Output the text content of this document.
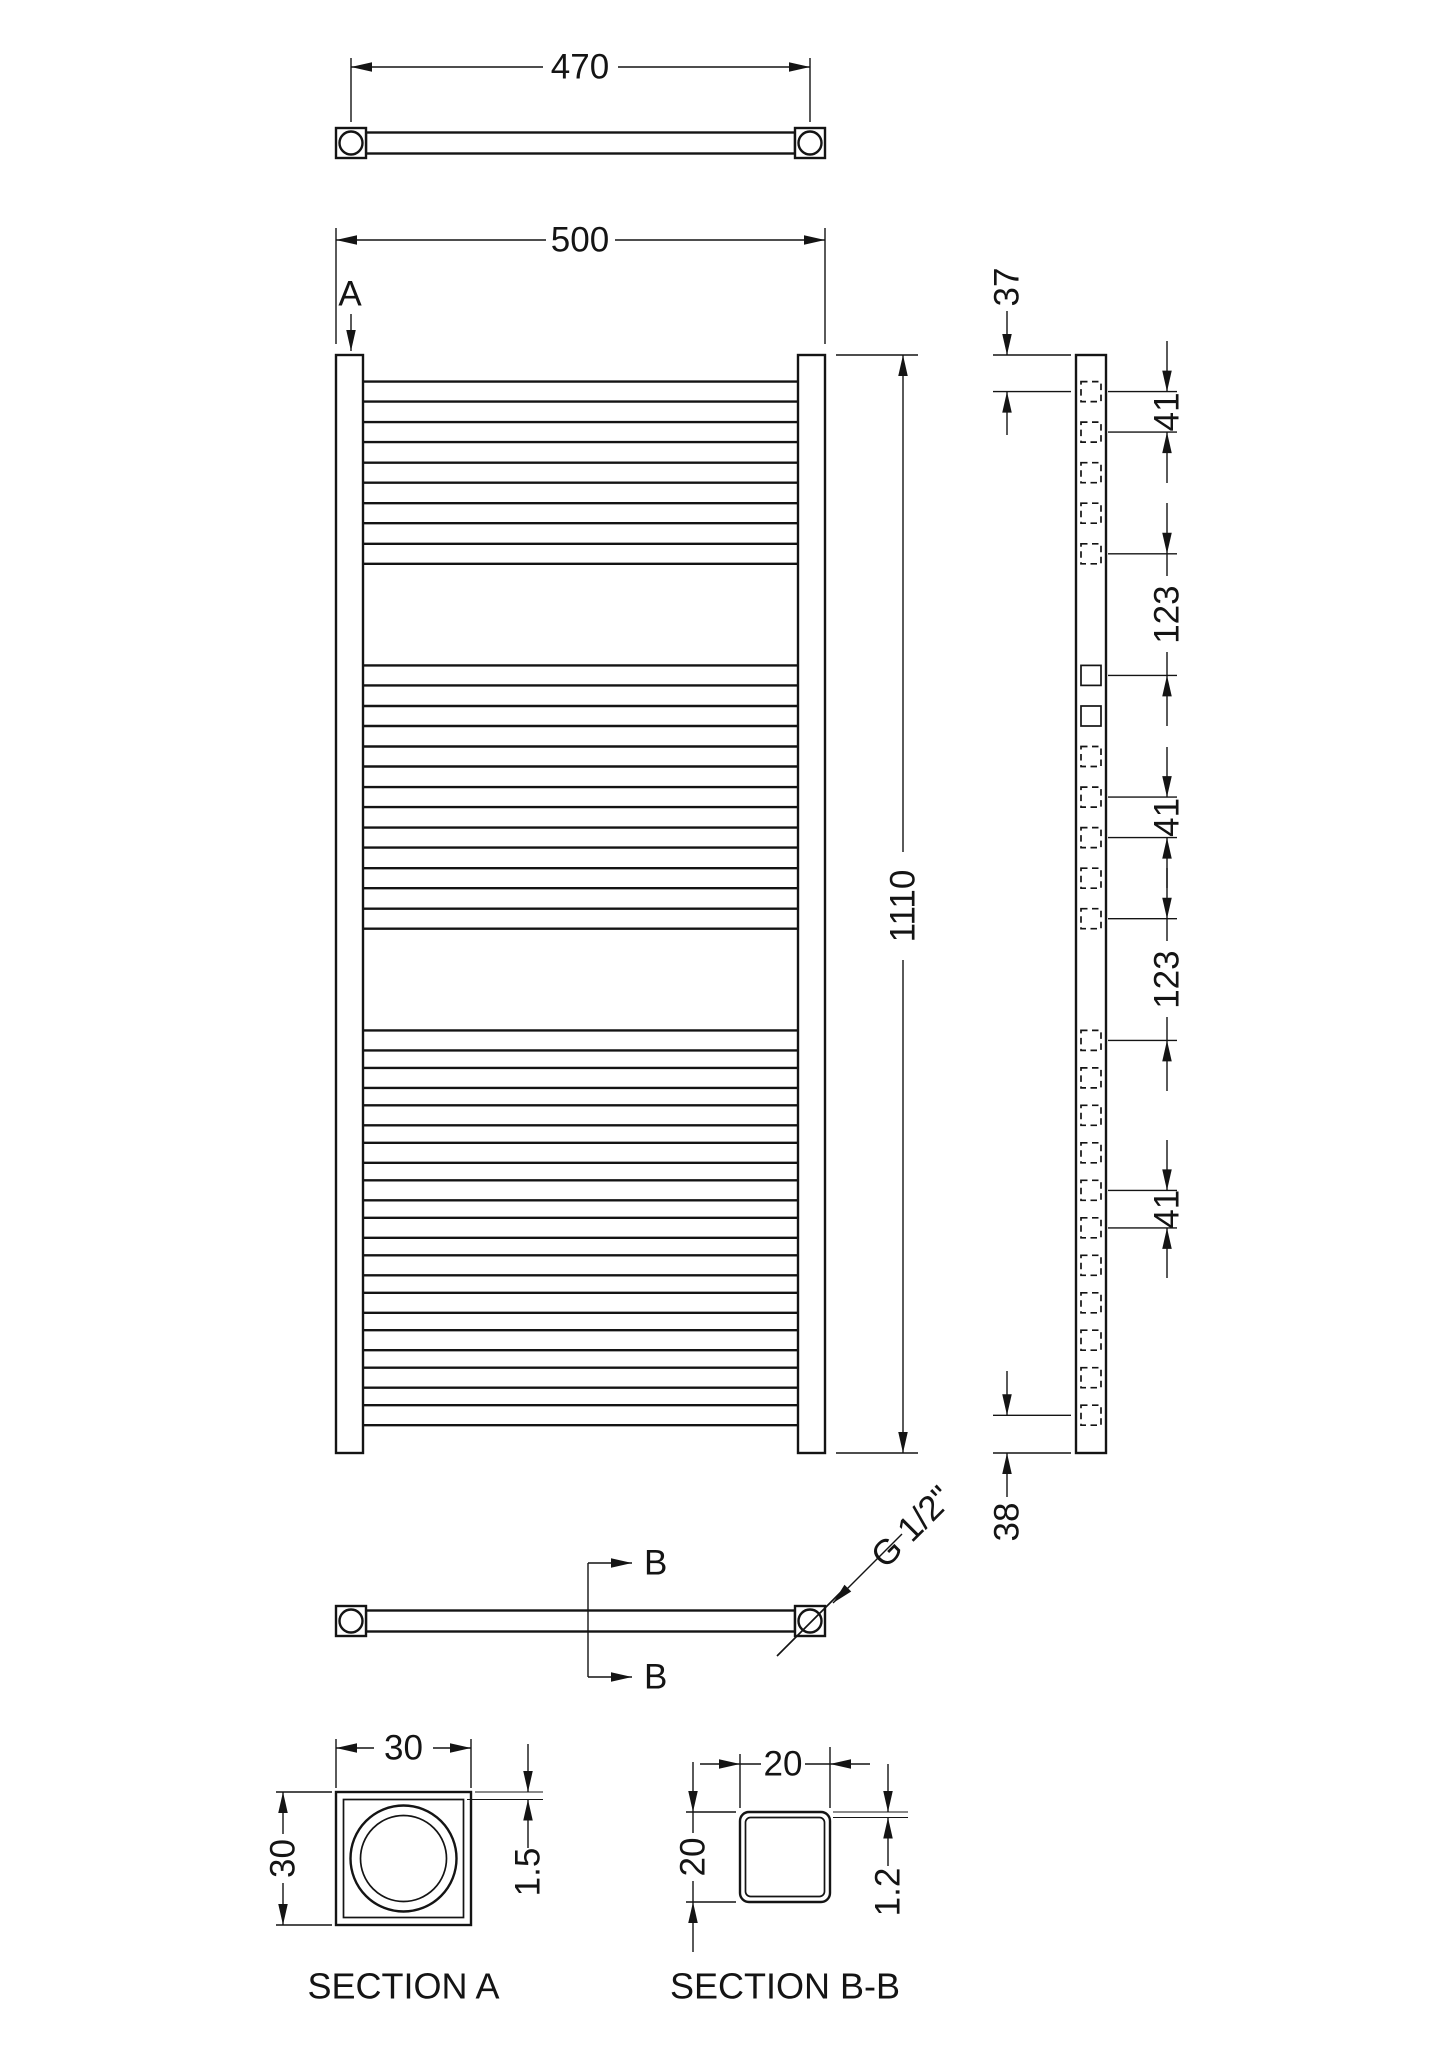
470
500
A
1110
37
41
123
41
123
41
38
B
B
G 1/2"
30
30	1.5
SECTION A
20
20
1.2
SECTION B-B
